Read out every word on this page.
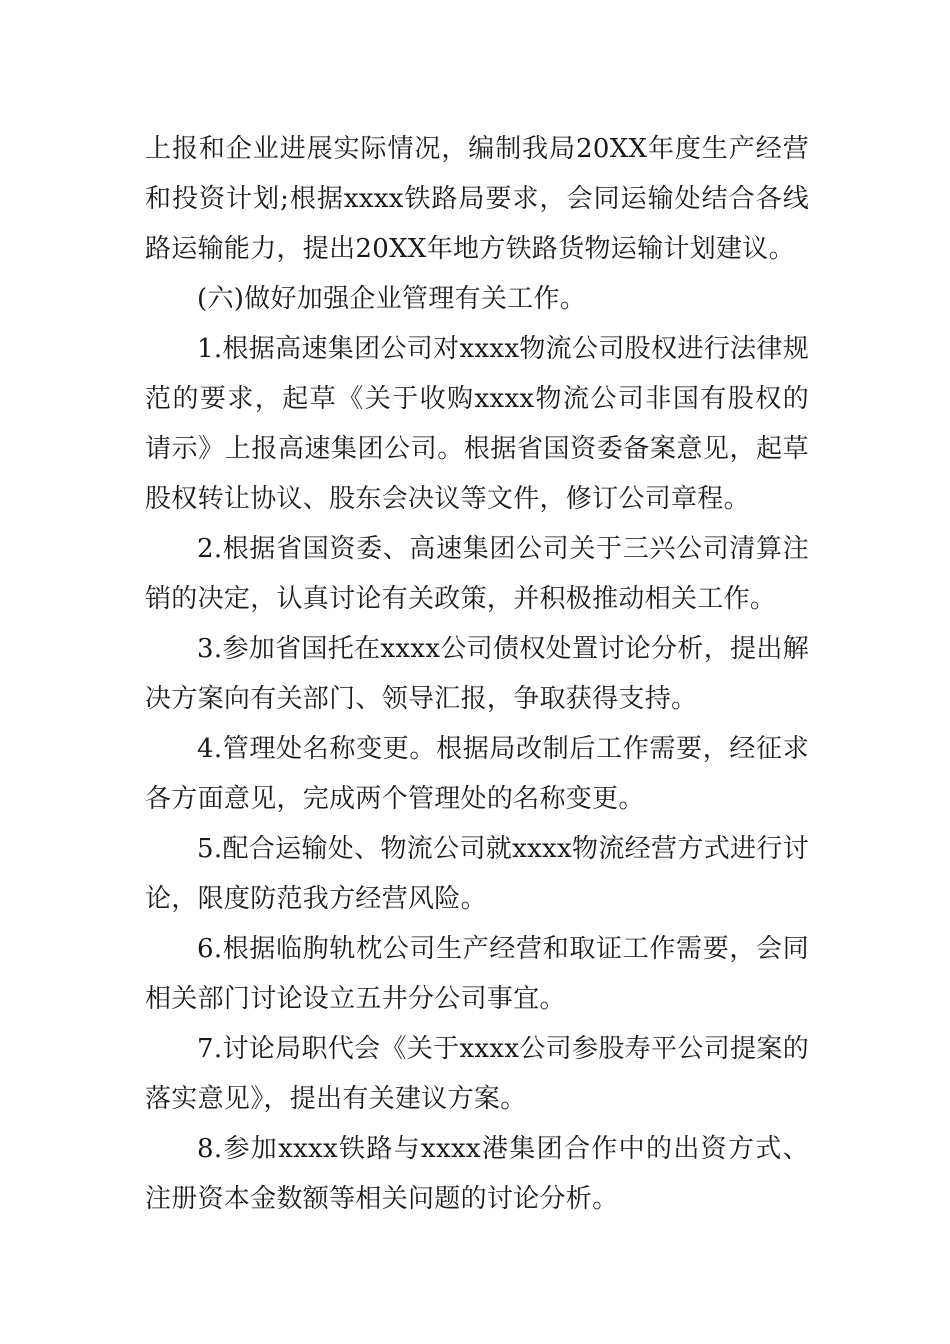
上报和企业进展实际情况，编制我局20XX年度生产经营和投资计划;根据xxxx铁路局要求，会同运输处结合各线路运输能力，提出20XX年地方铁路货物运输计划建议。

(六)做好加强企业管理有关工作。

1.根据高速集团公司对xxxx物流公司股权进行法律规范的要求，起草《关于收购xxxx物流公司非国有股权的请示》上报高速集团公司。根据省国资委备案意见，起草股权转让协议、股东会决议等文件，修订公司章程。

2.根据省国资委、高速集团公司关于三兴公司清算注销的决定，认真讨论有关政策，并积极推动相关工作。

3.参加省国托在xxxx公司债权处置讨论分析，提出解决方案向有关部门、领导汇报，争取获得支持。

4.管理处名称变更。根据局改制后工作需要，经征求各方面意见，完成两个管理处的名称变更。

5.配合运输处、物流公司就xxxx物流经营方式进行讨论，限度防范我方经营风险。

6.根据临朐轨枕公司生产经营和取证工作需要，会同相关部门讨论设立五井分公司事宜。

7.讨论局职代会《关于xxxx公司参股寿平公司提案的落实意见》，提出有关建议方案。

8.参加xxxx铁路与xxxx港集团合作中的出资方式、注册资本金数额等相关问题的讨论分析。
